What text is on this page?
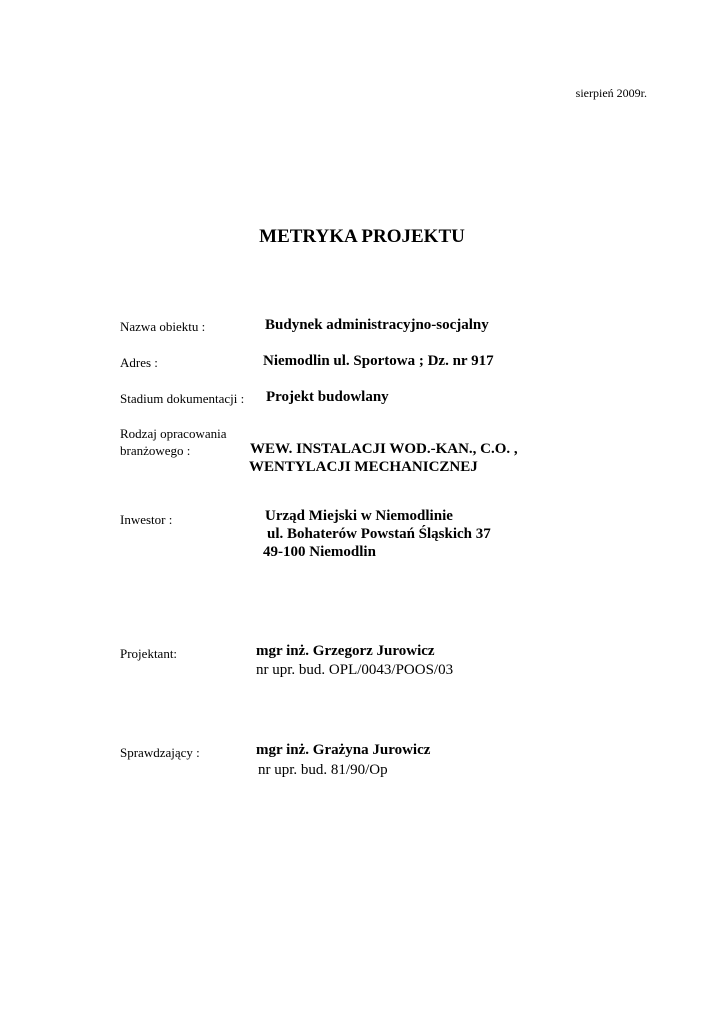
sierpień 2009r.
METRYKA PROJEKTU
Nazwa obiektu :	Budynek administracyjno-socjalny
Adres :	Niemodlin ul. Sportowa ; Dz. nr 917
Stadium dokumentacji : Projekt budowlany
Rodzaj opracowania
branżowego :	WEW. INSTALACJI WOD.-KAN., C.O. ,
WENTYLACJI MECHANICZNEJ
Inwestor :	Urząd Miejski w Niemodlinie
ul. Bohaterów Powstań Śląskich 37
49-100 Niemodlin
Projektant:	mgr inż. Grzegorz Jurowicz
nr upr. bud. OPL/0043/POOS/03
Sprawdzający :	mgr inż. Grażyna Jurowicz
nr upr. bud. 81/90/Op
